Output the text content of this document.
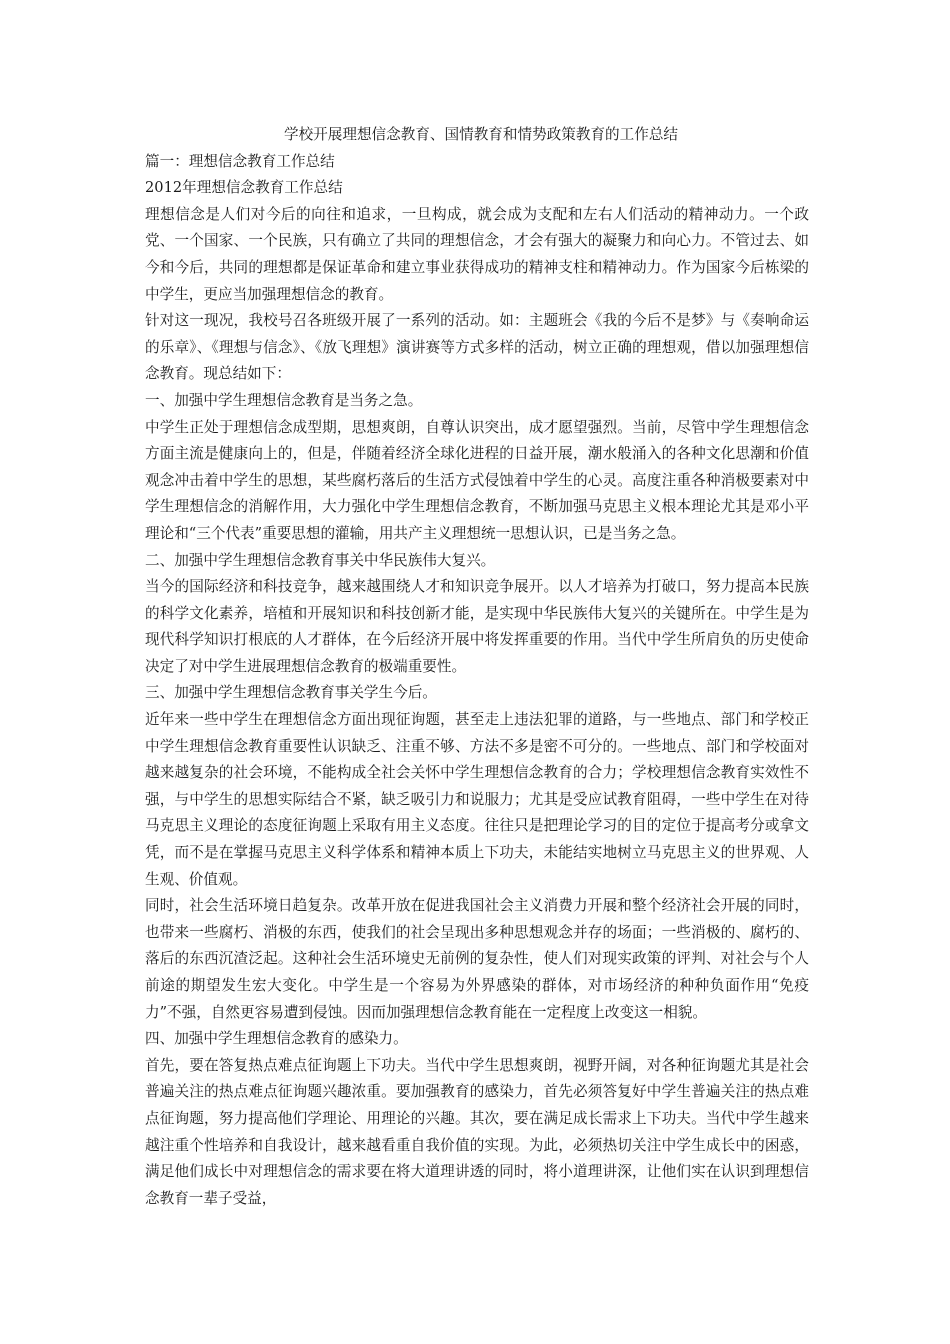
学校开展理想信念教育、国情教育和情势政策教育的工作总结

篇一：理想信念教育工作总结

2012年理想信念教育工作总结

理想信念是人们对今后的向往和追求，一旦构成，就会成为支配和左右人们活动的精神动力。一个政党、一个国家、一个民族，只有确立了共同的理想信念，才会有强大的凝聚力和向心力。不管过去、如今和今后，共同的理想都是保证革命和建立事业获得成功的精神支柱和精神动力。作为国家今后栋梁的中学生，更应当加强理想信念的教育。

针对这一现况，我校号召各班级开展了一系列的活动。如：主题班会《我的今后不是梦》与《奏响命运的乐章》、《理想与信念》、《放飞理想》演讲赛等方式多样的活动，树立正确的理想观，借以加强理想信念教育。现总结如下：

一、加强中学生理想信念教育是当务之急。

中学生正处于理想信念成型期，思想爽朗，自尊认识突出，成才愿望强烈。当前，尽管中学生理想信念方面主流是健康向上的，但是，伴随着经济全球化进程的日益开展，潮水般涌入的各种文化思潮和价值观念冲击着中学生的思想，某些腐朽落后的生活方式侵蚀着中学生的心灵。高度注重各种消极要素对中学生理想信念的消解作用，大力强化中学生理想信念教育，不断加强马克思主义根本理论尤其是邓小平理论和“三个代表”重要思想的灌输，用共产主义理想统一思想认识，已是当务之急。

二、加强中学生理想信念教育事关中华民族伟大复兴。

当今的国际经济和科技竞争，越来越围绕人才和知识竞争展开。以人才培养为打破口，努力提高本民族的科学文化素养，培植和开展知识和科技创新才能，是实现中华民族伟大复兴的关键所在。中学生是为现代科学知识打根底的人才群体，在今后经济开展中将发挥重要的作用。当代中学生所肩负的历史使命决定了对中学生进展理想信念教育的极端重要性。

三、加强中学生理想信念教育事关学生今后。

近年来一些中学生在理想信念方面出现征询题，甚至走上违法犯罪的道路，与一些地点、部门和学校正中学生理想信念教育重要性认识缺乏、注重不够、方法不多是密不可分的。一些地点、部门和学校面对越来越复杂的社会环境，不能构成全社会关怀中学生理想信念教育的合力；学校理想信念教育实效性不强，与中学生的思想实际结合不紧，缺乏吸引力和说服力；尤其是受应试教育阻碍，一些中学生在对待马克思主义理论的态度征询题上采取有用主义态度。往往只是把理论学习的目的定位于提高考分或拿文凭，而不是在掌握马克思主义科学体系和精神本质上下功夫，未能结实地树立马克思主义的世界观、人生观、价值观。

同时，社会生活环境日趋复杂。改革开放在促进我国社会主义消费力开展和整个经济社会开展的同时，也带来一些腐朽、消极的东西，使我们的社会呈现出多种思想观念并存的场面；一些消极的、腐朽的、落后的东西沉渣泛起。这种社会生活环境史无前例的复杂性，使人们对现实政策的评判、对社会与个人前途的期望发生宏大变化。中学生是一个容易为外界感染的群体，对市场经济的种种负面作用“免疫力”不强，自然更容易遭到侵蚀。因而加强理想信念教育能在一定程度上改变这一相貌。

四、加强中学生理想信念教育的感染力。

首先，要在答复热点难点征询题上下功夫。当代中学生思想爽朗，视野开阔，对各种征询题尤其是社会普遍关注的热点难点征询题兴趣浓重。要加强教育的感染力，首先必须答复好中学生普遍关注的热点难点征询题，努力提高他们学理论、用理论的兴趣。其次，要在满足成长需求上下功夫。当代中学生越来越注重个性培养和自我设计，越来越看重自我价值的实现。为此，必须热切关注中学生成长中的困惑，满足他们成长中对理想信念的需求要在将大道理讲透的同时，将小道理讲深，让他们实在认识到理想信念教育一辈子受益，
